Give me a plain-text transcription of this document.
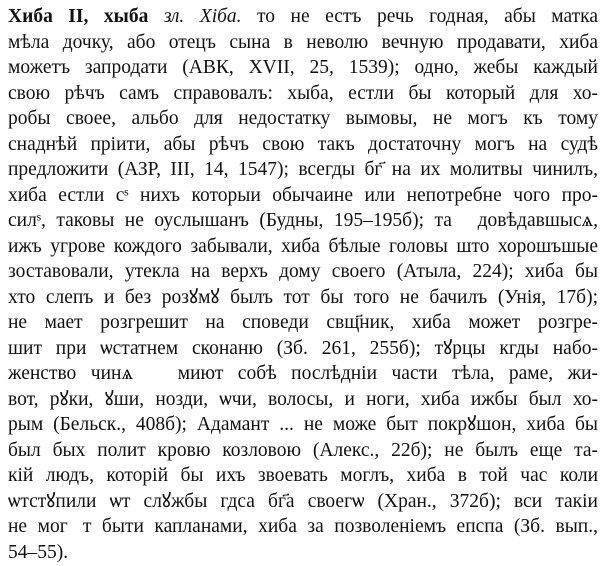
Хиба II, хыба зл. Хіба. то не естъ речь годная, абы матка
мѣла дочку, або отецъ сына в неволю вечную продавати, хиба
можетъ запродати (АВК, XVII, 25, 1539); одно, жебы каждый
свою рѣчъ самъ справовалъ: хыба, естли бы который для хо-
робы своее, альбо для недостатку вымовы, не могъ къ тому
снаднѣй пріити, абы рѣчъ свою такъ достаточну могъ на судѣ
предложити (АЗР, III, 14, 1547); всегды бг҃ на их молитвы чинилъ,
хиба естли сˢ нихъ которыи обычаине или непотребне чого про-
силˢ, таковы не оуслышанъ (Будны, 195–195б); таⷨ довѣдавшысѧ,
ижъ угрове кождого забывали, хиба бѣлые головы што хорошъшые
зоставовали, утекла на верхъ дому своего (Атыла, 224); хиба бы
хто слепъ и без розꙋмꙋ былъ тот бы того не бачилъ (Унія, 17б);
не мает розгрешит на споведи свщ҃ник, хиба может розгре-
шит при ѡстатнем сконаню (Зб. 261, 255б); тꙋрцы кгды набо-
женство чинѧⷮ ꙋмиют собѣ послѣдніи части тѣла, раме, жи-
вот, рꙋки, ꙋши, нозди, ѡчи, волосы, и ноги, хиба ижбы был хо-
рым (Бельск., 408б); Адамант ... не може быт покрꙋшон, хиба бы
был бых полит кровю козловою (Алекс., 22б); не былъ еще та-
кій людъ, которій бы ихъ звоевать моглъ, хиба в той час коли
ѡтстꙋпили ѡт слꙋжбы гдса бг҃а своегѡ (Хран., 372б); вси такіи
не мог꙽т быти капланами, хиба за позволеніемъ епспа (Зб. вып.,
54–55).
